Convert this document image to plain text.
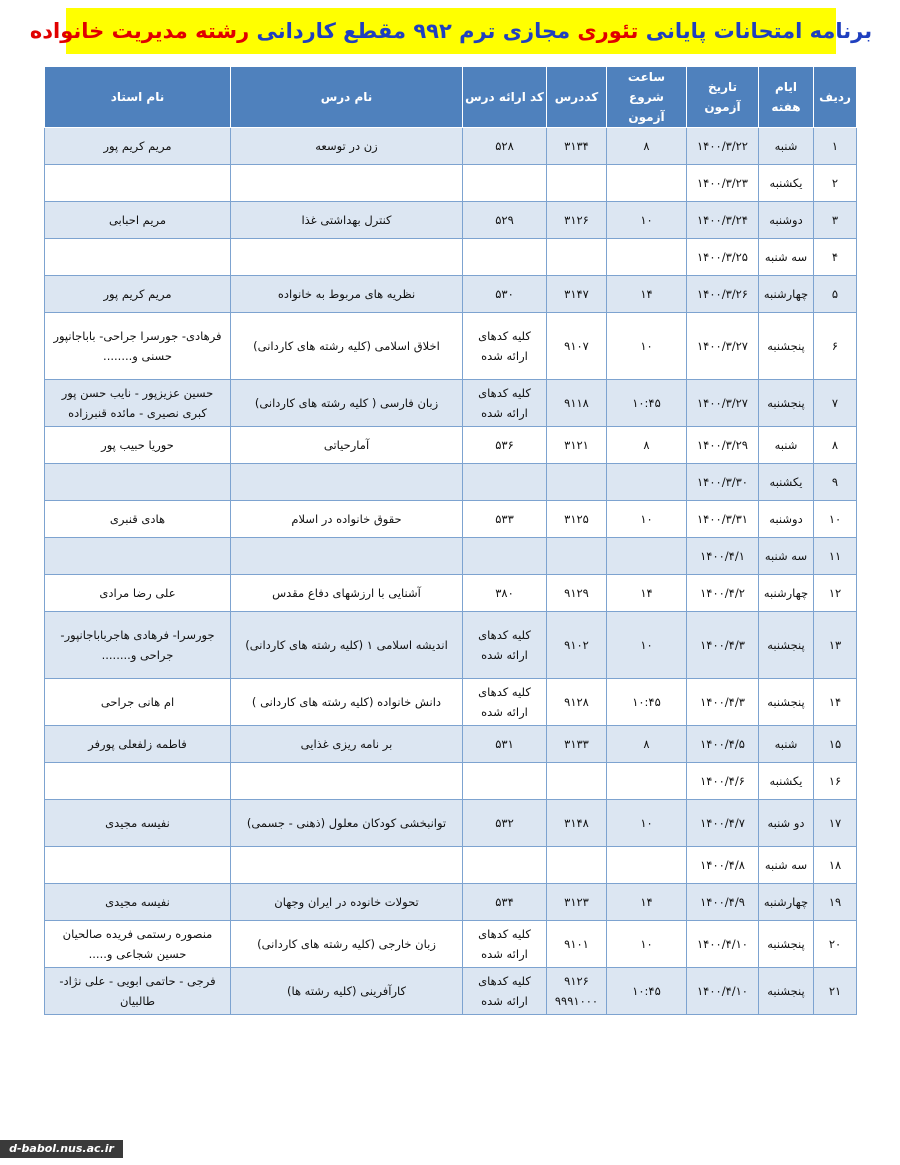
برنامه امتحانات پایانی

تئوری

مجازی ترم ۹۹۲ مقطع کاردانی

رشته مدیریت خانواده
ردیف	ایام هفته	تاریخ آزمون	ساعت شروع آزمون	کددرس	کد ارائه درس	نام درس	نام استاد
۱	شنبه	۱۴۰۰/۳/۲۲	۸	۳۱۳۴	۵۲۸	زن در توسعه	مریم کریم پور
۲	یکشنبه	۱۴۰۰/۳/۲۳					
۳	دوشنبه	۱۴۰۰/۳/۲۴	۱۰	۳۱۲۶	۵۲۹	کنترل بهداشتی غذا	مریم احبابی
۴	سه شنبه	۱۴۰۰/۳/۲۵					
۵	چهارشنبه	۱۴۰۰/۳/۲۶	۱۴	۳۱۴۷	۵۳۰	نظریه های مربوط به خانواده	مریم کریم پور
۶	پنجشنبه	۱۴۰۰/۳/۲۷	۱۰	۹۱۰۷	کلیه کدهای ارائه شده	اخلاق اسلامی (کلیه رشته های کاردانی)	فرهادی- جورسرا جراحی- باباجانپور حسنی و........
۷	پنجشنبه	۱۴۰۰/۳/۲۷	۱۰:۴۵	۹۱۱۸	کلیه کدهای ارائه شده	زبان فارسی ( کلیه رشته های کاردانی)	حسین عزیزپور - نایب حسن پور کبری نصیری - مائده قنبرزاده
۸	شنبه	۱۴۰۰/۳/۲۹	۸	۳۱۲۱	۵۳۶	آمارحیاتی	حوریا حبیب پور
۹	یکشنبه	۱۴۰۰/۳/۳۰					
۱۰	دوشنبه	۱۴۰۰/۳/۳۱	۱۰	۳۱۲۵	۵۳۳	حقوق خانواده در اسلام	هادی قنبری
۱۱	سه شنبه	۱۴۰۰/۴/۱					
۱۲	چهارشنبه	۱۴۰۰/۴/۲	۱۴	۹۱۲۹	۳۸۰	آشنایی با ارزشهای دفاع مقدس	علی رضا مرادی
۱۳	پنجشنبه	۱۴۰۰/۴/۳	۱۰	۹۱۰۲	کلیه کدهای ارائه شده	اندیشه اسلامی ۱ (کلیه رشته های کاردانی)	جورسرا- فرهادی هاجرباباجانپور-جراحی و........
۱۴	پنجشنبه	۱۴۰۰/۴/۳	۱۰:۴۵	۹۱۲۸	کلیه کدهای ارائه شده	دانش خانواده (کلیه رشته های کاردانی )	ام هانی جراحی
۱۵	شنبه	۱۴۰۰/۴/۵	۸	۳۱۳۳	۵۳۱	بر نامه ریزی غذایی	فاطمه زلفعلی پورفر
۱۶	یکشنبه	۱۴۰۰/۴/۶					
۱۷	دو شنبه	۱۴۰۰/۴/۷	۱۰	۳۱۴۸	۵۳۲	توانبخشی کودکان معلول (ذهنی - جسمی)	نفیسه مجیدی
۱۸	سه شنبه	۱۴۰۰/۴/۸					
۱۹	چهارشنبه	۱۴۰۰/۴/۹	۱۴	۳۱۲۳	۵۳۴	تحولات خانوده در ایران وجهان	نفیسه مجیدی
۲۰	پنجشنبه	۱۴۰۰/۴/۱۰	۱۰	۹۱۰۱	کلیه کدهای ارائه شده	زبان خارجی (کلیه رشته های کاردانی)	منصوره رستمی فریده صالحیان حسین شجاعی و.....
۲۱	پنجشنبه	۱۴۰۰/۴/۱۰	۱۰:۴۵	۹۱۲۶ ۹۹۹۱۰۰۰	کلیه کدهای ارائه شده	کارآفرینی (کلیه رشته ها)	فرجی - حاتمی ابویی - علی نژاد-طالبیان
d-babol.nus.ac.ir
